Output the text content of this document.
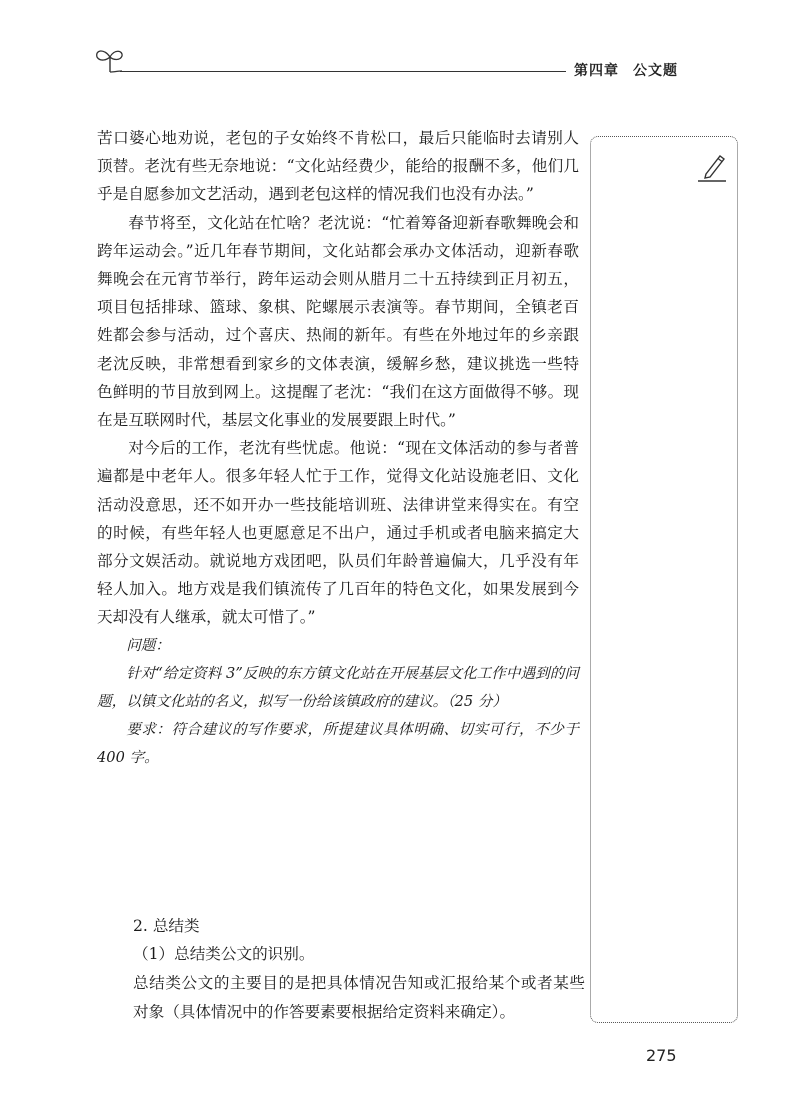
第四章 公文题

苦口婆心地劝说，老包的子女始终不肯松口，最后只能临时去请别人顶替。老沈有些无奈地说：“文化站经费少，能给的报酬不多，他们几乎是自愿参加文艺活动，遇到老包这样的情况我们也没有办法。”

春节将至，文化站在忙啥？老沈说：“忙着筹备迎新春歌舞晚会和跨年运动会。”近几年春节期间，文化站都会承办文体活动，迎新春歌舞晚会在元宵节举行，跨年运动会则从腊月二十五持续到正月初五，项目包括排球、篮球、象棋、陀螺展示表演等。春节期间，全镇老百姓都会参与活动，过个喜庆、热闹的新年。有些在外地过年的乡亲跟老沈反映，非常想看到家乡的文体表演，缓解乡愁，建议挑选一些特色鲜明的节目放到网上。这提醒了老沈：“我们在这方面做得不够。现在是互联网时代，基层文化事业的发展要跟上时代。”

对今后的工作，老沈有些忧虑。他说：“现在文体活动的参与者普遍都是中老年人。很多年轻人忙于工作，觉得文化站设施老旧、文化活动没意思，还不如开办一些技能培训班、法律讲堂来得实在。有空的时候，有些年轻人也更愿意足不出户，通过手机或者电脑来搞定大部分文娱活动。就说地方戏团吧，队员们年龄普遍偏大，几乎没有年轻人加入。地方戏是我们镇流传了几百年的特色文化，如果发展到今天却没有人继承，就太可惜了。”

问题：

针对“给定资料 3”反映的东方镇文化站在开展基层文化工作中遇到的问题，以镇文化站的名义，拟写一份给该镇政府的建议。（25 分）

要求：符合建议的写作要求，所提建议具体明确、切实可行，不少于 400 字。

2. 总结类

（1）总结类公文的识别。

总结类公文的主要目的是把具体情况告知或汇报给某个或者某些对象（具体情况中的作答要素要根据给定资料来确定）。

275
